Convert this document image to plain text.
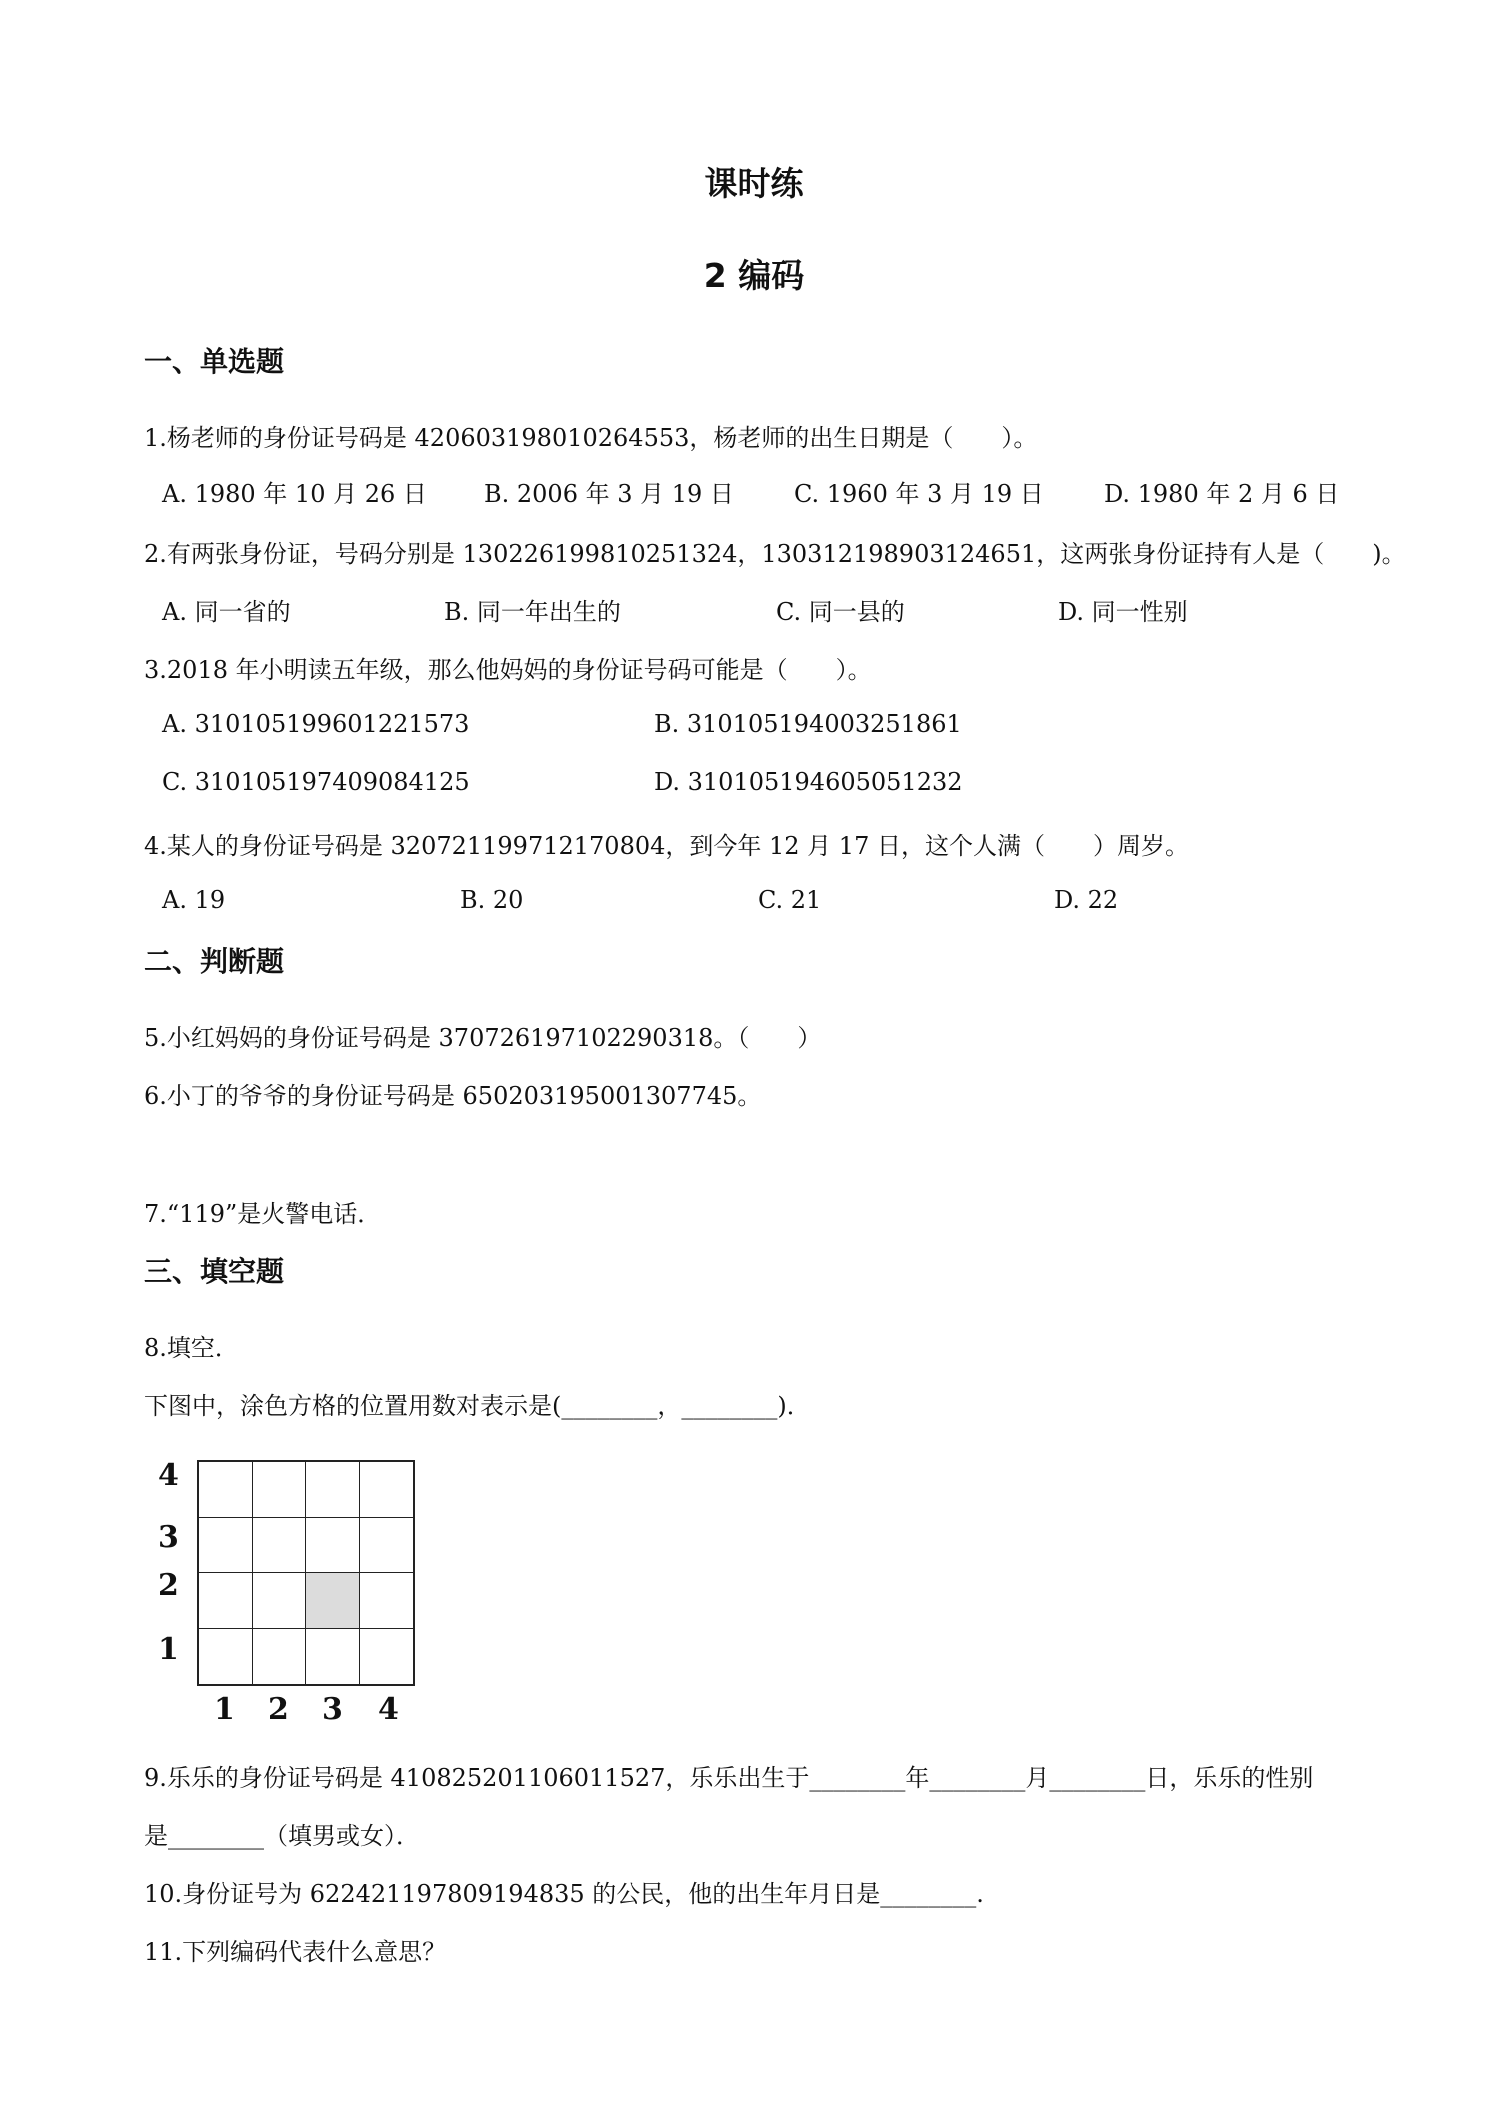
课时练
2 编码
一、单选题
1.杨老师的身份证号码是 420603198010264553，杨老师的出生日期是（　　）。
A. 1980 年 10 月 26 日 B. 2006 年 3 月 19 日	C. 1960 年 3 月 19 日	D. 1980 年 2 月 6 日
2.有两张身份证，号码分别是 130226199810251324，130312198903124651，这两张身份证持有人是（　　)。
A. 同一省的	B. 同一年出生的	C. 同一县的	D. 同一性别
3.2018 年小明读五年级，那么他妈妈的身份证号码可能是（　　）。
A. 310105199601221573	B. 310105194003251861
C. 310105197409084125	D. 310105194605051232
4.某人的身份证号码是 320721199712170804，到今年 12 月 17 日，这个人满（　　）周岁。
A. 19	B. 20	C. 21	D. 22
二、判断题
5.小红妈妈的身份证号码是 370726197102290318。（　　）
6.小丁的爷爷的身份证号码是 650203195001307745。
7.“119”是火警电话．
三、填空题
8.填空．
下图中，涂色方格的位置用数对表示是(________，________)．
4
3
2
1
1 2 3 4
9.乐乐的身份证号码是 410825201106011527，乐乐出生于________年________月________日，乐乐的性别
是________（填男或女）．
10.身份证号为 622421197809194835 的公民，他的出生年月日是________.
11.下列编码代表什么意思？
